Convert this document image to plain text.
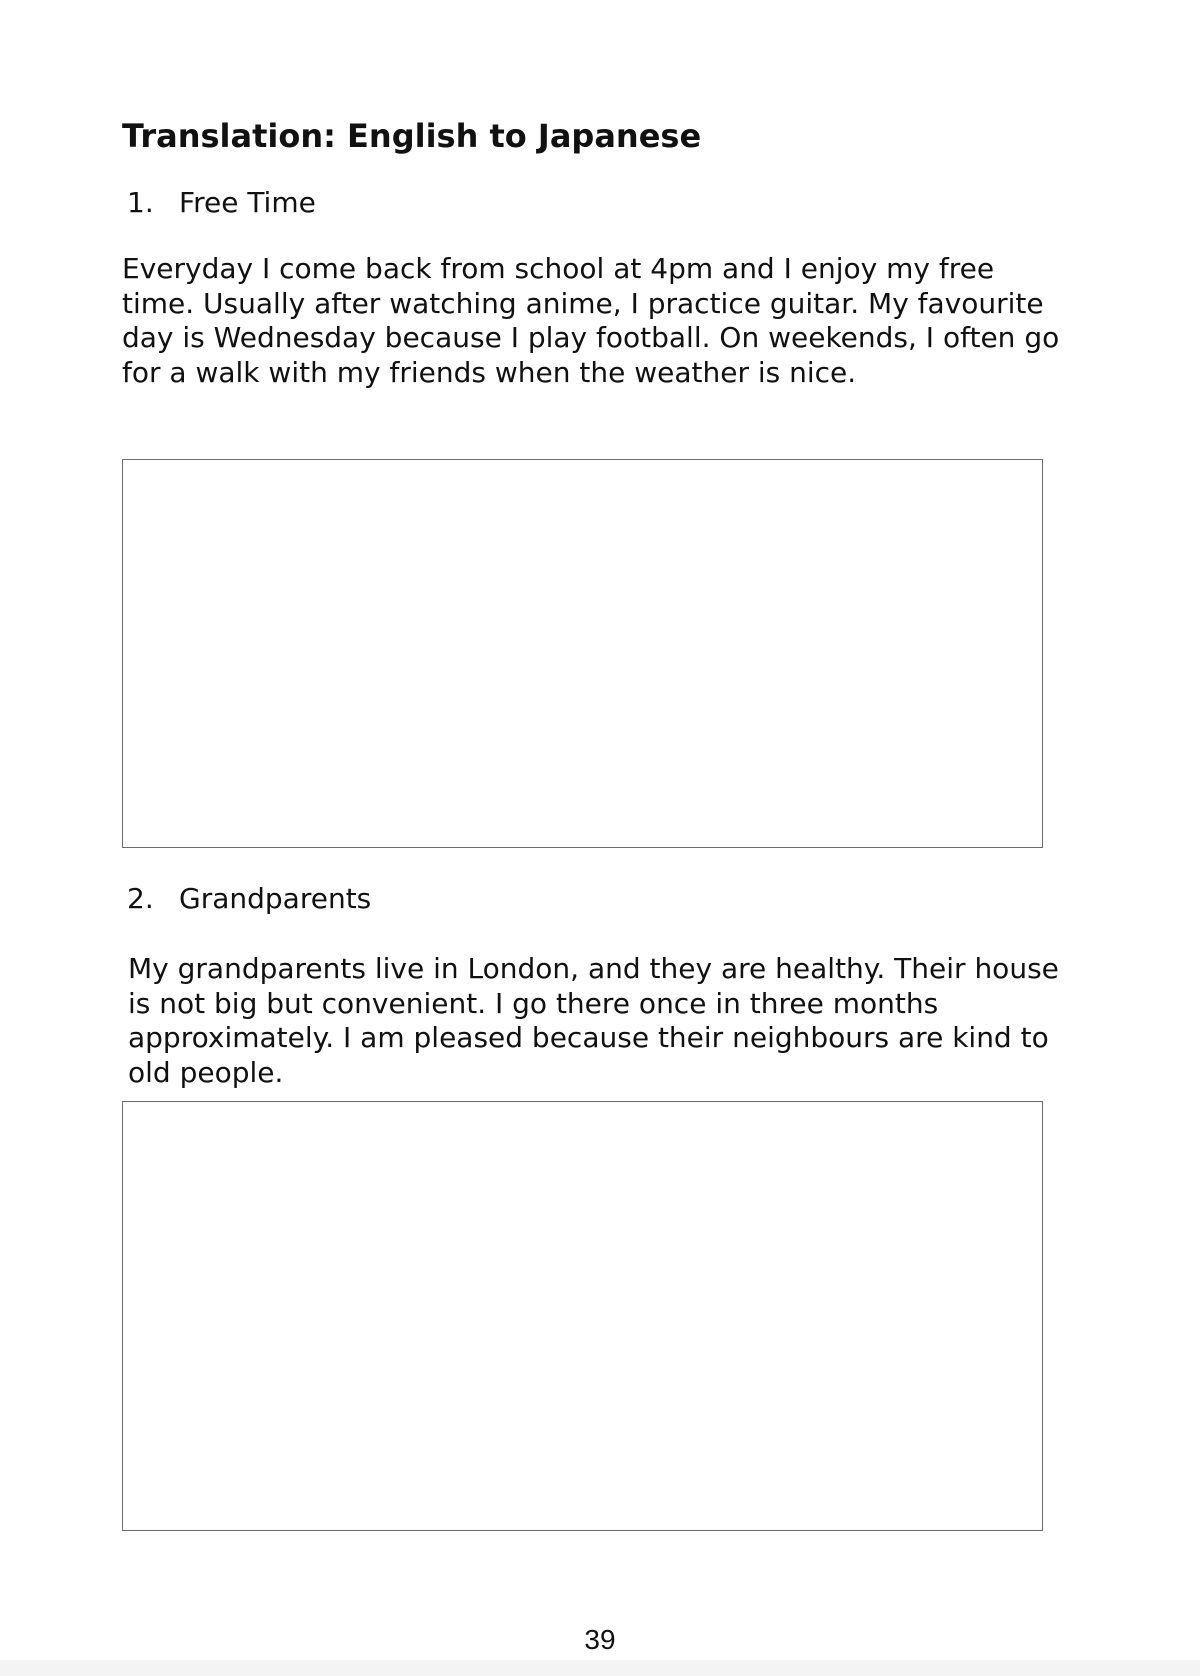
Translation: English to Japanese
1. Free Time

Everyday I come back from school at 4pm and I enjoy my free time. Usually after watching anime, I practice guitar. My favourite day is Wednesday because I play football. On weekends, I often go for a walk with my friends when the weather is nice.

2. Grandparents

My grandparents live in London, and they are healthy. Their house is not big but convenient. I go there once in three months approximately. I am pleased because their neighbours are kind to old people.

39
